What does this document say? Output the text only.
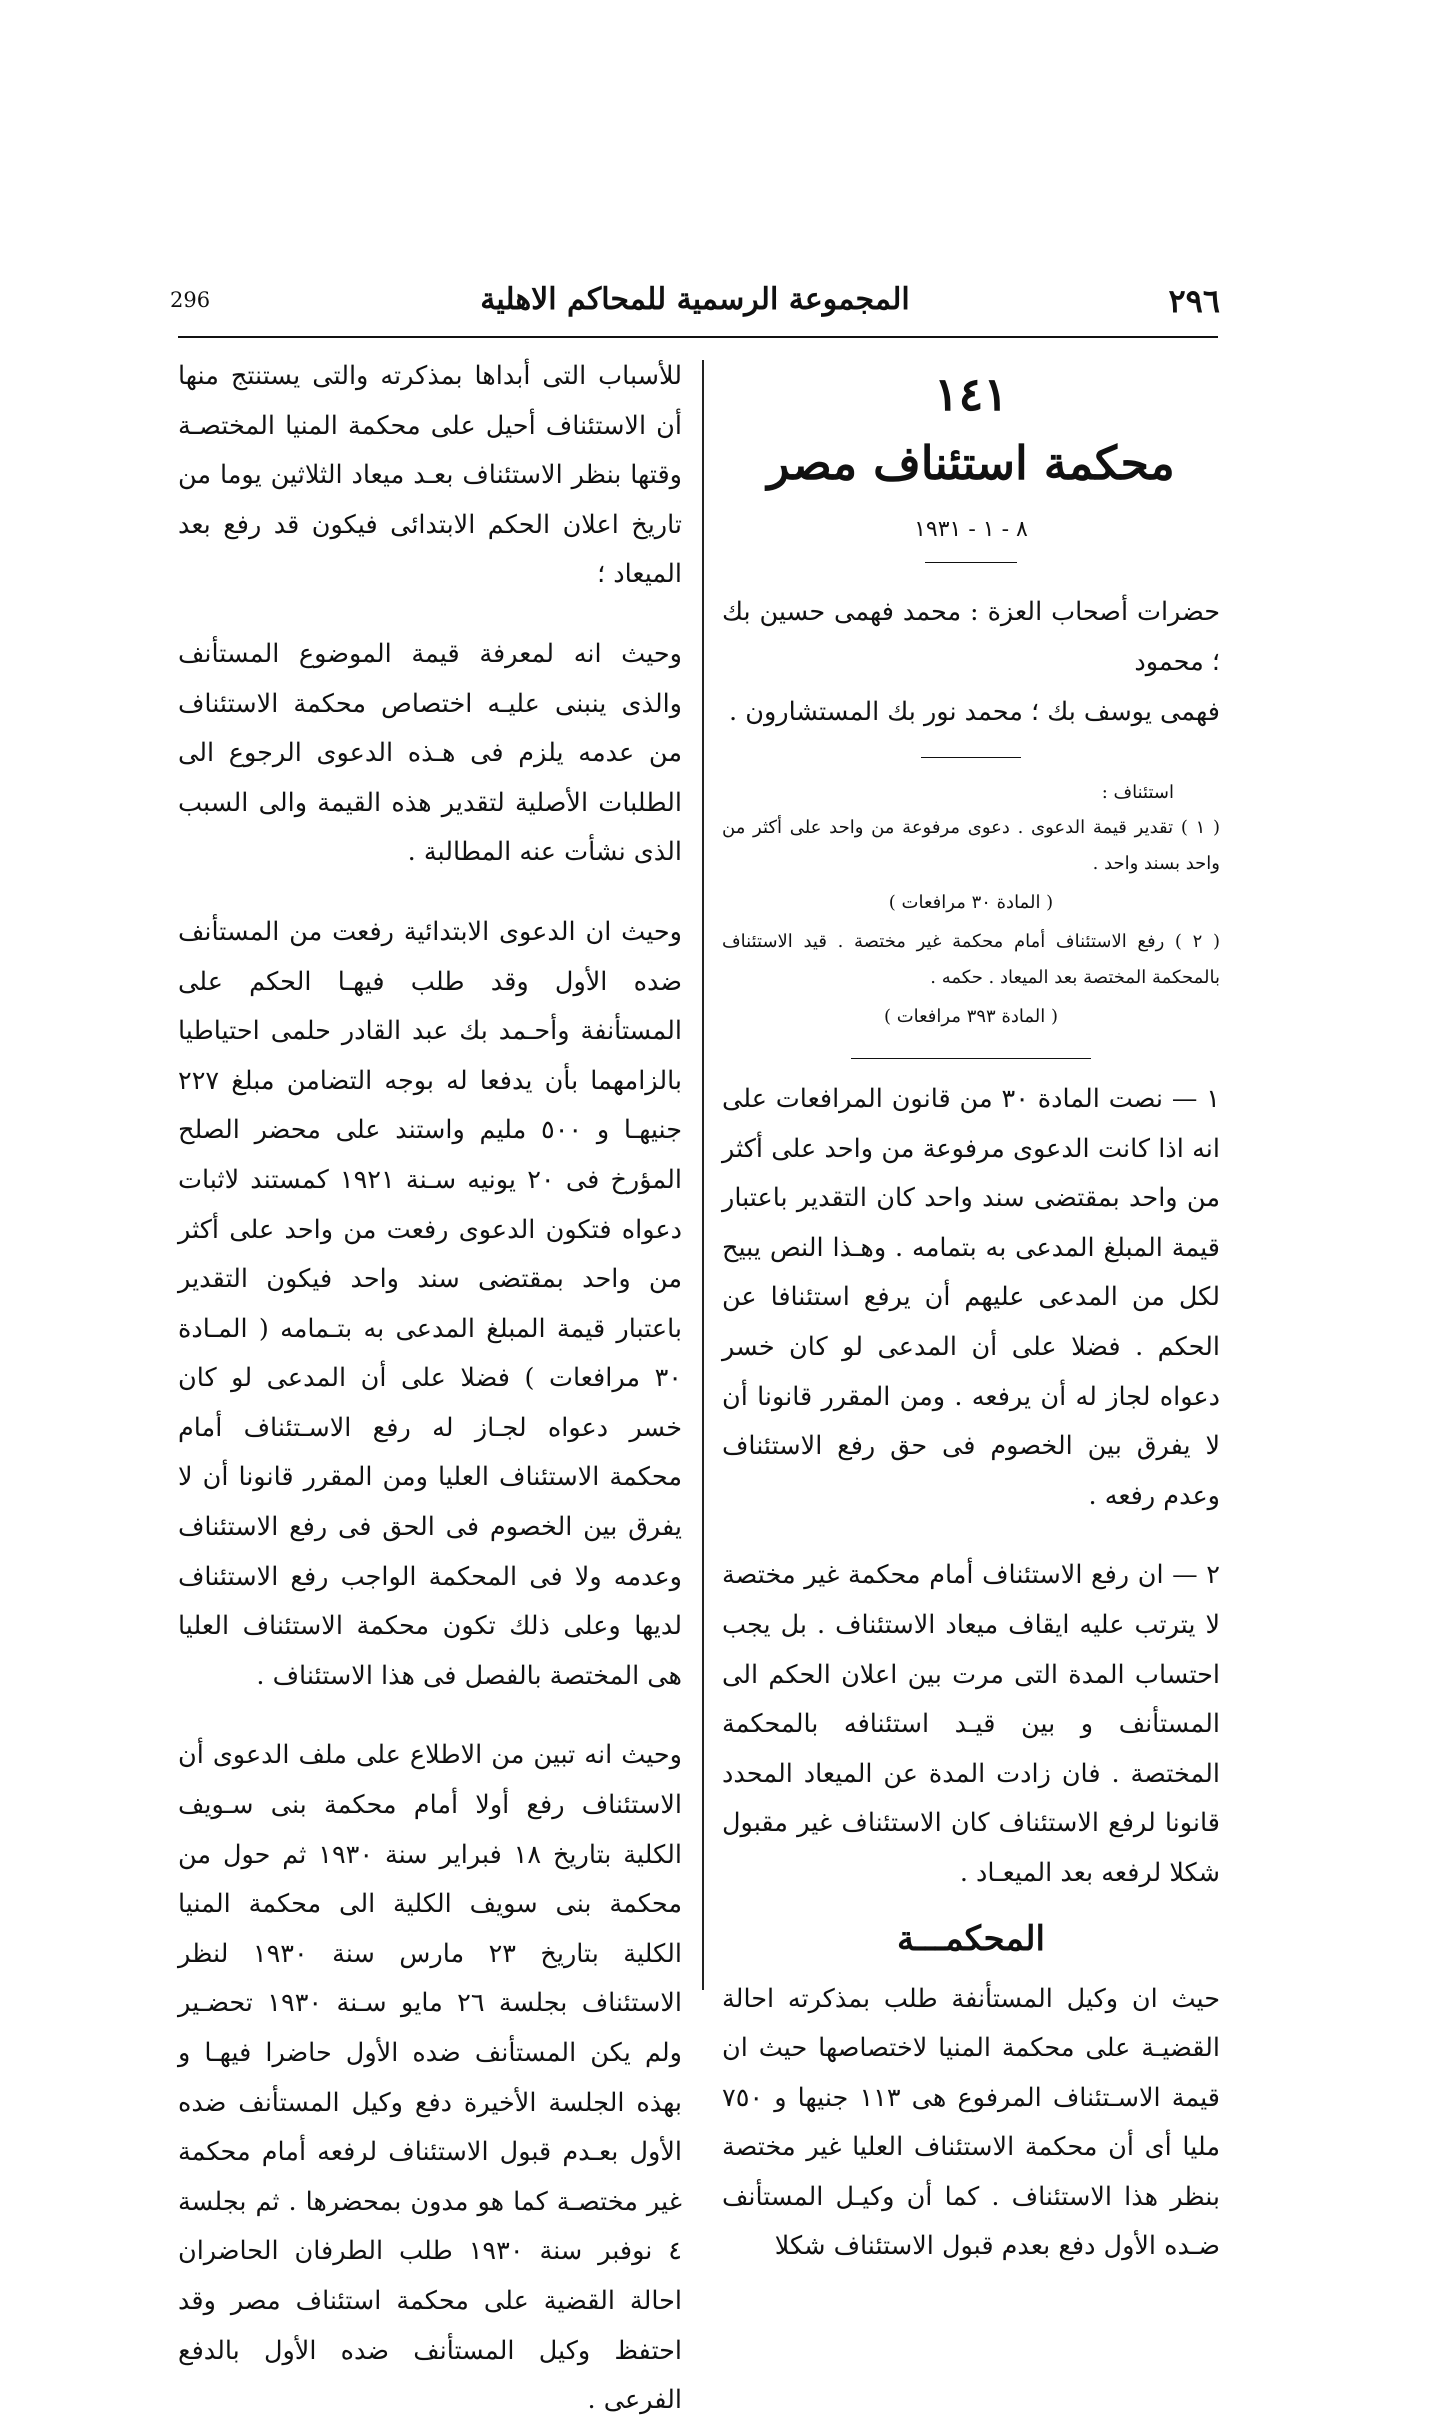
296	المجموعة الرسمية للمحاكم الاهلية	٢٩٦
١٤١
محكمة استئناف مصر
٨ - ١ - ١٩٣١

حضرات أصحاب العزة : محمد فهمى حسين بك ؛ محمود

فهمى يوسف بك ؛ محمد نور بك المستشارون .

استئناف :

( ١ ) تقدير قيمة الدعوى . دعوى مرفوعة من واحد على أكثر من واحد بسند واحد .

( المادة ٣٠ مرافعات )

( ٢ ) رفع الاستئناف أمام محكمة غير مختصة . قيد الاستئناف بالمحكمة المختصة بعد الميعاد . حكمه .

( المادة ٣٩٣ مرافعات )

١ — نصت المادة ٣٠ من قانون المرافعات على انه اذا كانت الدعوى مرفوعة من واحد على أكثر من واحد بمقتضى سند واحد كان التقدير باعتبار قيمة المبلغ المدعى به بتمامه . وهـذا النص يبيح لكل من المدعى عليهم أن يرفع استئنافا عن الحكم . فضلا على أن المدعى لو كان خسر دعواه لجاز له أن يرفعه . ومن المقرر قانونا أن لا يفرق بين الخصوم فى حق رفع الاستئناف وعدم رفعه .

٢ — ان رفع الاستئناف أمام محكمة غير مختصة لا يترتب عليه ايقاف ميعاد الاستئناف . بل يجب احتساب المدة التى مرت بين اعلان الحكم الى المستأنف و بين قيـد استئنافه بالمحكمة المختصة . فان زادت المدة عن الميعاد المحدد قانونا لرفع الاستئناف كان الاستئناف غير مقبول شكلا لرفعه بعد الميعـاد .

المحكمـــة

حيث ان وكيل المستأنفة طلب بمذكرته احالة القضيـة على محكمة المنيا لاختصاصها حيث ان قيمة الاسـتئناف المرفوع هى ١١٣ جنيها و ٧٥٠ مليا أى أن محكمة الاستئناف العليا غير مختصة بنظر هذا الاستئناف . كما أن وكيـل المستأنف ضـده الأول دفع بعدم قبول الاستئناف شكلا

للأسباب التى أبداها بمذكرته والتى يستنتج منها أن الاستئناف أحيل على محكمة المنيا المختصـة وقتها بنظر الاستئناف بعـد ميعاد الثلاثين يوما من تاريخ اعلان الحكم الابتدائى فيكون قد رفع بعد الميعاد ؛

وحيث انه لمعرفة قيمة الموضوع المستأنف والذى ينبنى عليـه اختصاص محكمة الاستئناف من عدمه يلزم فى هـذه الدعوى الرجوع الى الطلبات الأصلية لتقدير هذه القيمة والى السبب الذى نشأت عنه المطالبة .

وحيث ان الدعوى الابتدائية رفعت من المستأنف ضده الأول وقد طلب فيهـا الحكم على المستأنفة وأحـمد بك عبد القادر حلمى احتياطيا بالزامهما بأن يدفعا له بوجه التضامن مبلغ ٢٢٧ جنيهـا و ٥٠٠ مليم واستند على محضر الصلح المؤرخ فى ٢٠ يونيه سـنة ١٩٢١ كمستند لاثبات دعواه فتكون الدعوى رفعت من واحد على أكثر من واحد بمقتضى سند واحد فيكون التقدير باعتبار قيمة المبلغ المدعى به بتـمامه ( المـادة ٣٠ مرافعات ) فضلا على أن المدعى لو كان خسر دعواه لجـاز له رفع الاسـتئناف أمام محكمة الاستئناف العليا ومن المقرر قانونا أن لا يفرق بين الخصوم فى الحق فى رفع الاستئناف وعدمه ولا فى المحكمة الواجب رفع الاستئناف لديها وعلى ذلك تكون محكمة الاستئناف العليا هى المختصة بالفصل فى هذا الاستئناف .

وحيث انه تبين من الاطلاع على ملف الدعوى أن الاستئناف رفع أولا أمام محكمة بنى سـويف الكلية بتاريخ ١٨ فبراير سنة ١٩٣٠ ثم حول من محكمة بنى سويف الكلية الى محكمة المنيا الكلية بتاريخ ٢٣ مارس سنة ١٩٣٠ لنظر الاستئناف بجلسة ٢٦ مايو سـنة ١٩٣٠ تحضـير ولم يكن المستأنف ضده الأول حاضرا فيهـا و بهذه الجلسة الأخيرة دفع وكيل المستأنف ضده الأول بعـدم قبول الاستئناف لرفعه أمام محكمة غير مختصـة كما هو مدون بمحضرها . ثم بجلسة ٤ نوفبر سنة ١٩٣٠ طلب الطرفان الحاضران احالة القضية على محكمة استئناف مصر وقد احتفظ وكيل المستأنف ضده الأول بالدفع الفرعى .
